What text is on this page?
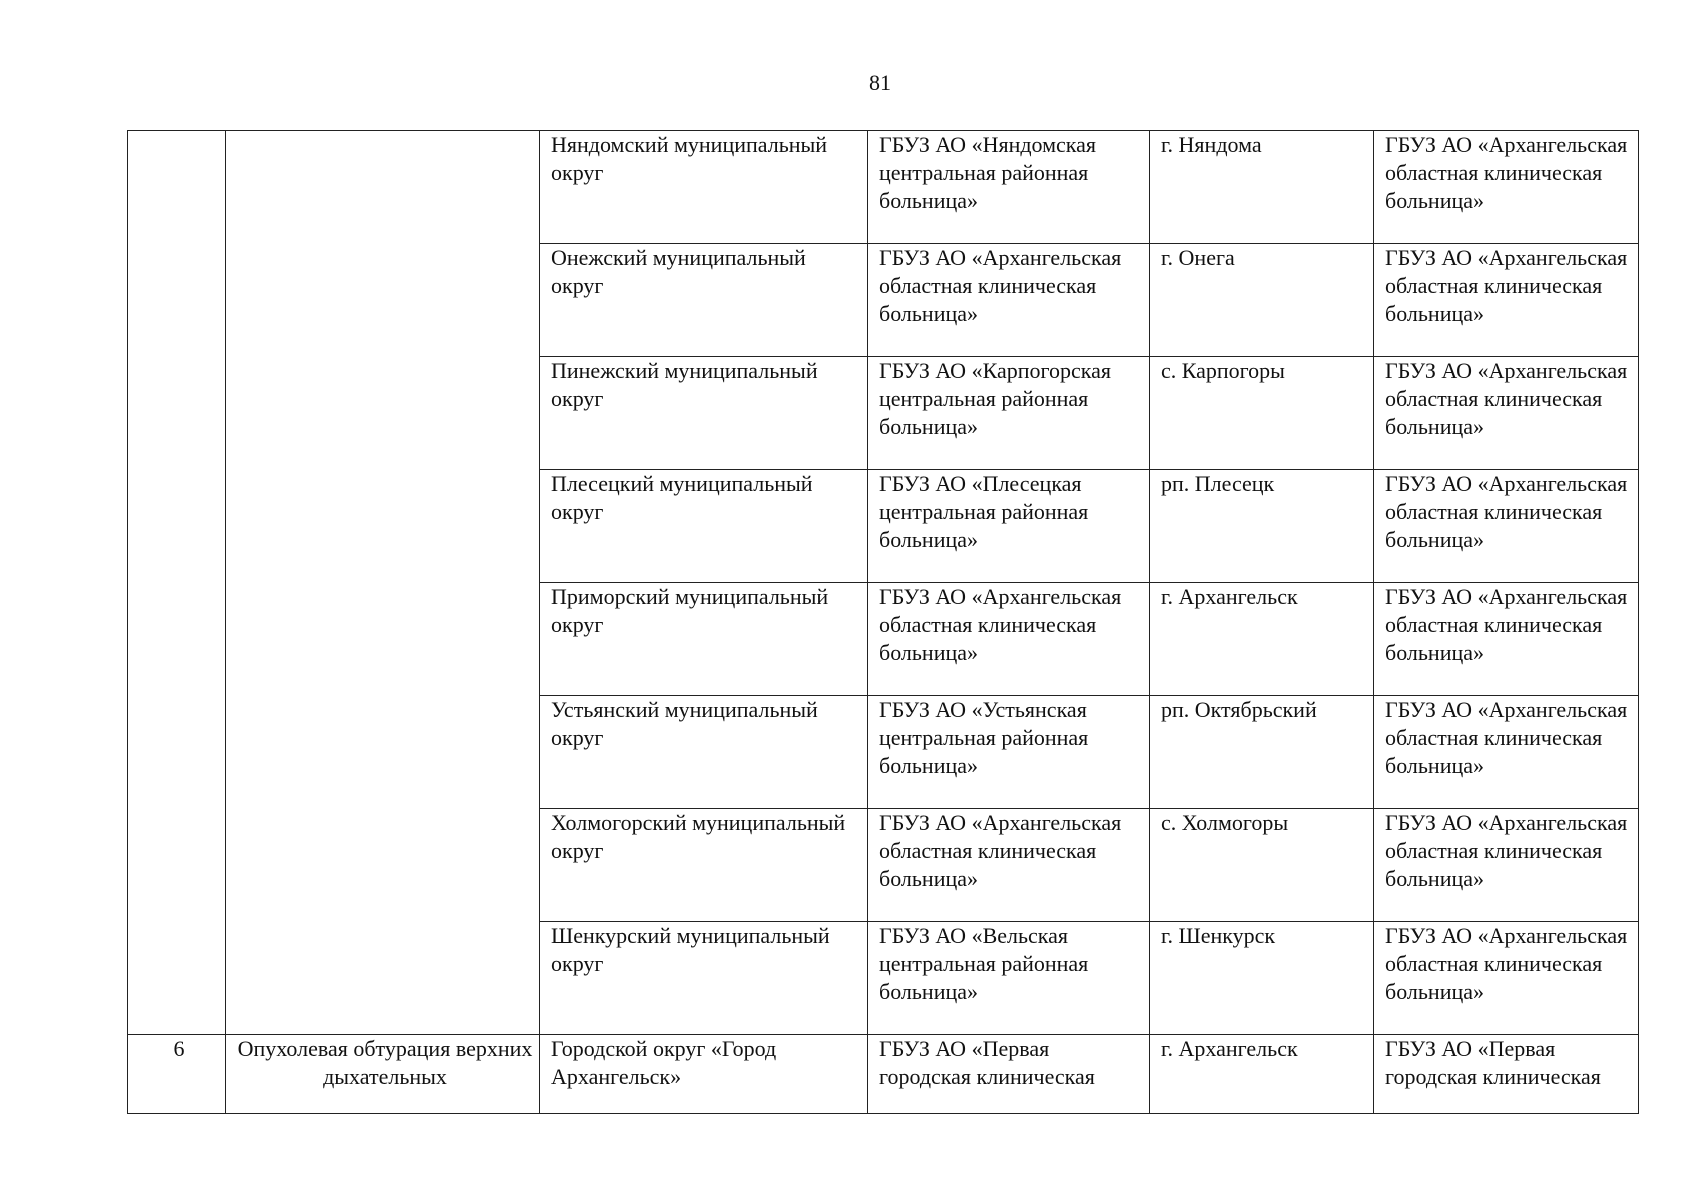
81
		Няндомский муниципальный округ	ГБУЗ АО «Няндомская центральная районная больница»	г. Няндома	ГБУЗ АО «Архангельская областная клиническая больница»
		Онежский муниципальный округ	ГБУЗ АО «Архангельская областная клиническая больница»	г. Онега	ГБУЗ АО «Архангельская областная клиническая больница»
		Пинежский муниципальный округ	ГБУЗ АО «Карпогорская центральная районная больница»	с. Карпогоры	ГБУЗ АО «Архангельская областная клиническая больница»
		Плесецкий муниципальный округ	ГБУЗ АО «Плесецкая центральная районная больница»	рп. Плесецк	ГБУЗ АО «Архангельская областная клиническая больница»
		Приморский муниципальный округ	ГБУЗ АО «Архангельская областная клиническая больница»	г. Архангельск	ГБУЗ АО «Архангельская областная клиническая больница»
		Устьянский муниципальный округ	ГБУЗ АО «Устьянская центральная районная больница»	рп. Октябрьский	ГБУЗ АО «Архангельская областная клиническая больница»
		Холмогорский муниципальный округ	ГБУЗ АО «Архангельская областная клиническая больница»	с. Холмогоры	ГБУЗ АО «Архангельская областная клиническая больница»
		Шенкурский муниципальный округ	ГБУЗ АО «Вельская центральная районная больница»	г. Шенкурск	ГБУЗ АО «Архангельская областная клиническая больница»
6	Опухолевая обтурация верхних дыхательных	Городской округ «Город Архангельск»	ГБУЗ АО «Первая городская клиническая	г. Архангельск	ГБУЗ АО «Первая городская клиническая
